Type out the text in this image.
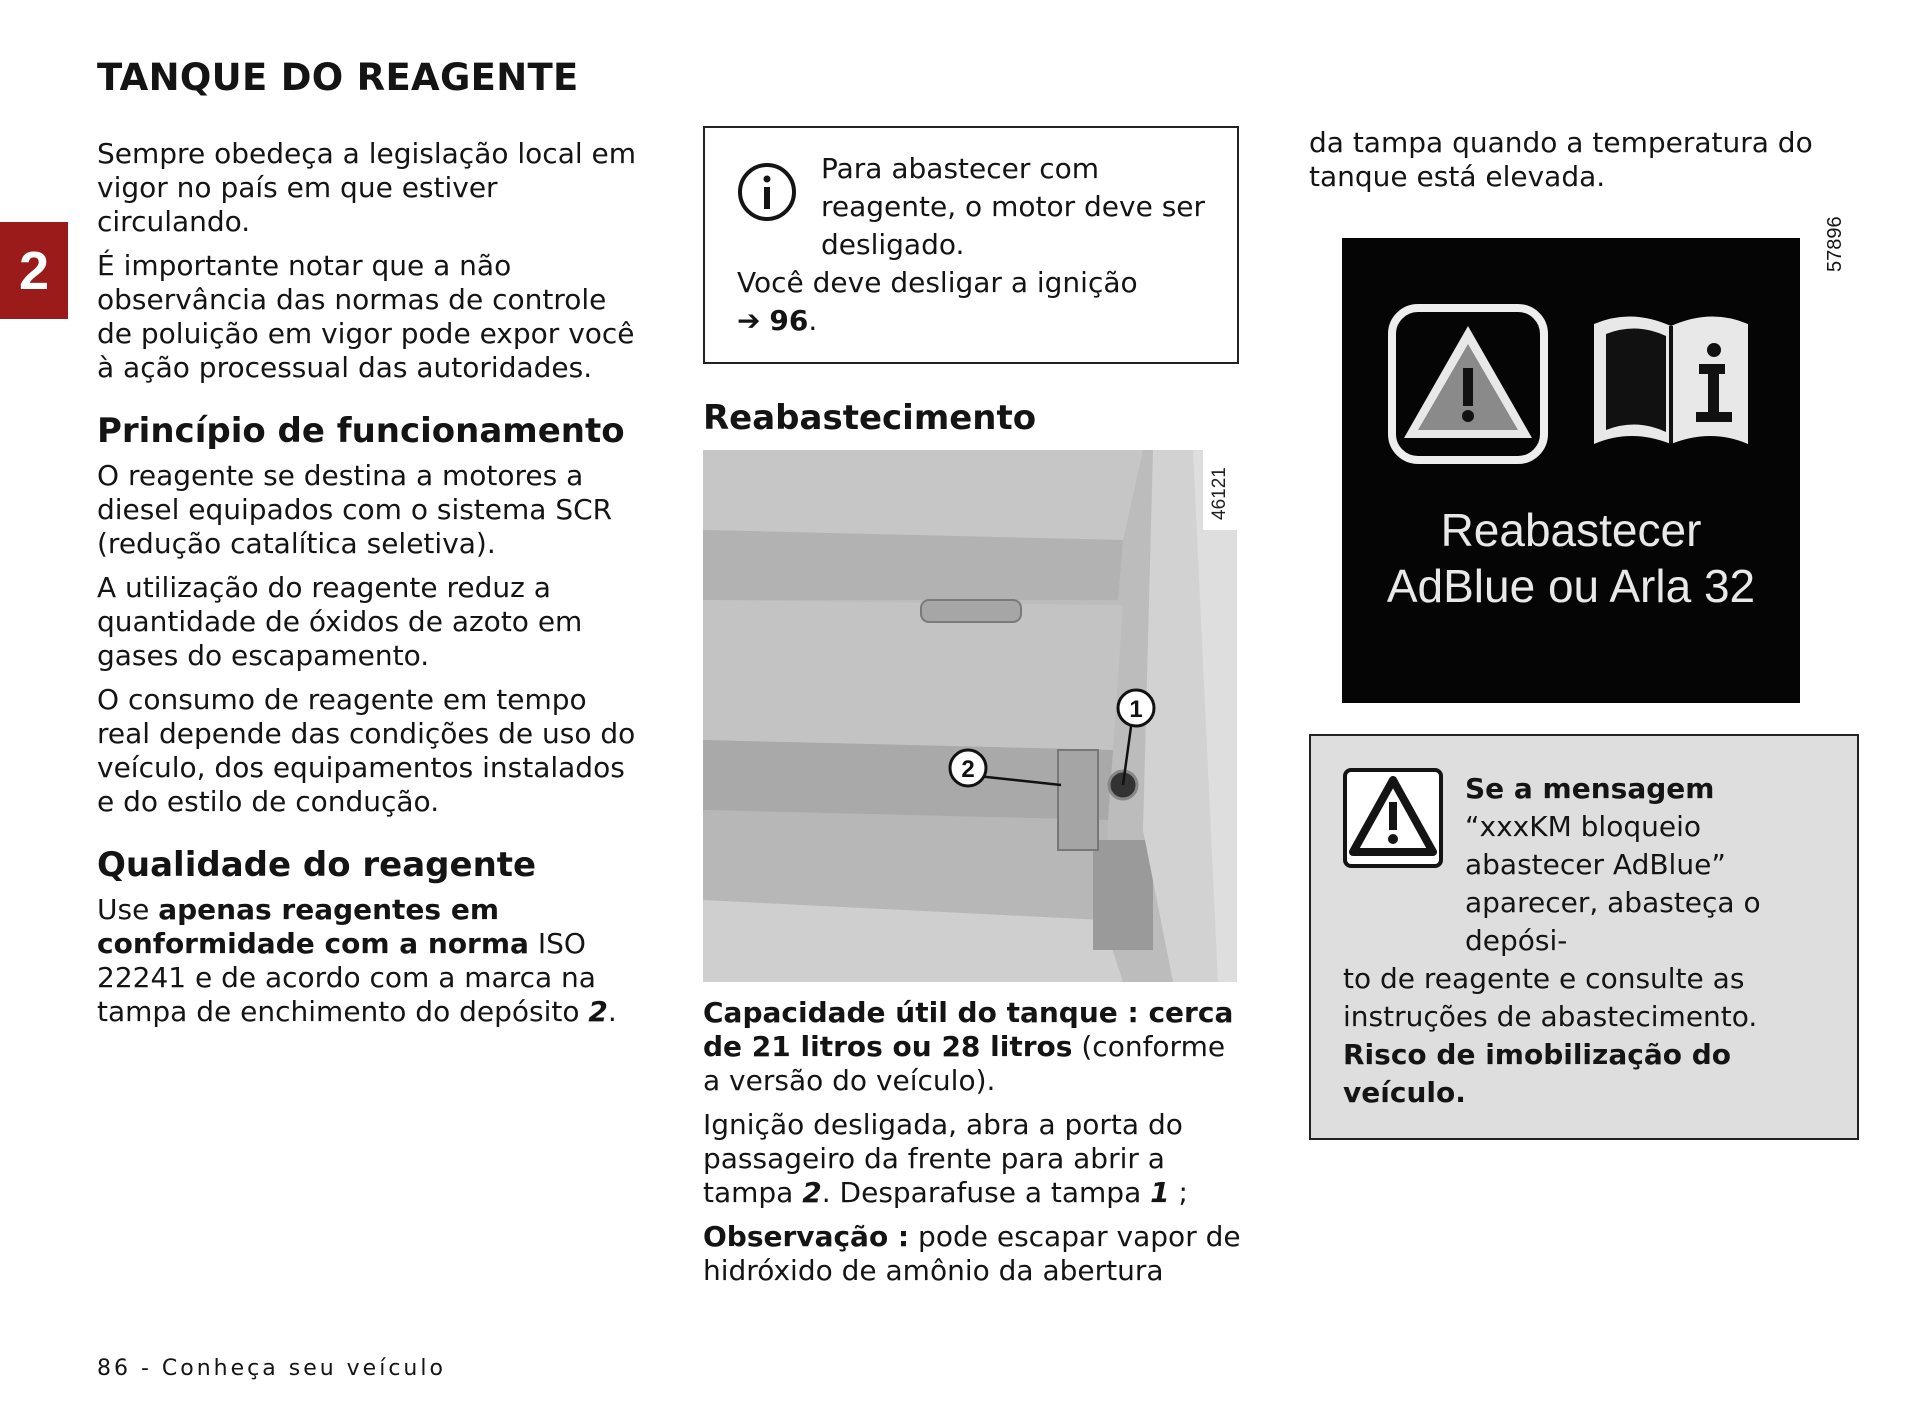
TANQUE DO REAGENTE
2

Sempre obedeça a legislação local em vigor no país em que estiver circulando.

É importante notar que a não observância das normas de controle de poluição em vigor pode expor você à ação processual das autoridades.

Princípio de funcionamento

O reagente se destina a motores a diesel equipados com o sistema SCR (redução catalítica seletiva).

A utilização do reagente reduz a quantidade de óxidos de azoto em gases do escapamento.

O consumo de reagente em tempo real depende das condições de uso do veículo, dos equipamentos instalados e do estilo de condução.

Qualidade do reagente

Use apenas reagentes em conformidade com a norma ISO 22241 e de acordo com a marca na tampa de enchimento do depósito 2.

Para abastecer com reagente, o motor deve ser desligado.
Você deve desligar a ignição
➔ 96.
Reabastecimento
1
2
46121

Capacidade útil do tanque : cerca de 21 litros ou 28 litros (conforme a versão do veículo).

Ignição desligada, abra a porta do passageiro da frente para abrir a tampa 2. Desparafuse a tampa 1 ;

Observação : pode escapar vapor de hidróxido de amônio da abertura

da tampa quando a temperatura do tanque está elevada.

Reabastecer
AdBlue ou Arla 32
57896
Se a mensagem
“xxxKM bloqueio abastecer AdBlue” aparecer, abasteça o depósi-
to de reagente e consulte as instruções de abastecimento.
Risco de imobilização do veículo.
86 - Conheça seu veículo
